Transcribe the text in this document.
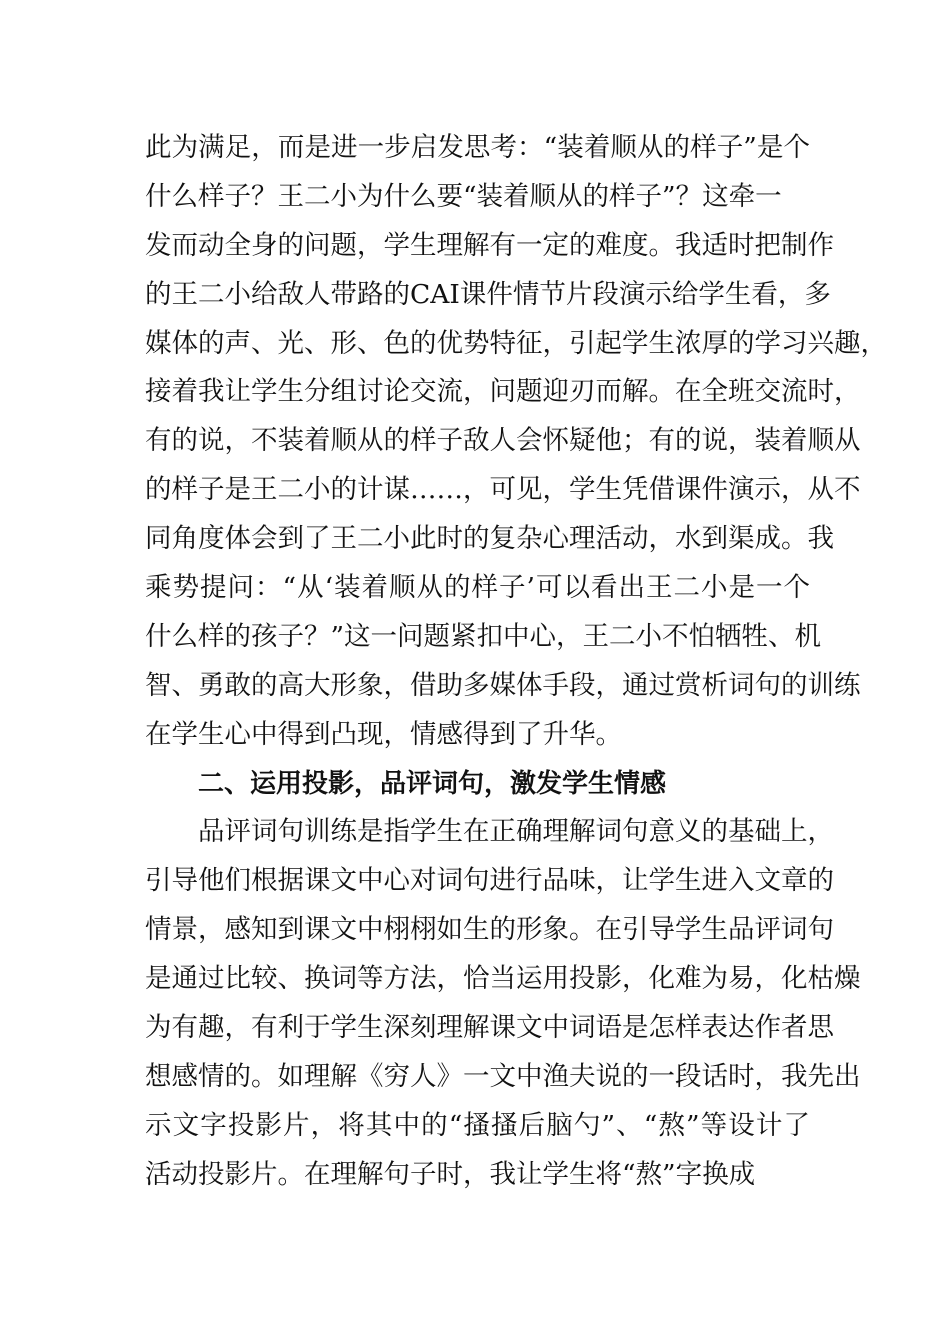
此为满足，而是进一步启发思考：“装着顺从的样子”是个
什么样子？王二小为什么要“装着顺从的样子”？这牵一
发而动全身的问题，学生理解有一定的难度。我适时把制作
的王二小给敌人带路的CAI课件情节片段演示给学生看，多
媒体的声、光、形、色的优势特征，引起学生浓厚的学习兴趣，
接着我让学生分组讨论交流，问题迎刃而解。在全班交流时，
有的说，不装着顺从的样子敌人会怀疑他；有的说，装着顺从
的样子是王二小的计谋……，可见，学生凭借课件演示，从不
同角度体会到了王二小此时的复杂心理活动，水到渠成。我
乘势提问：“从‘装着顺从的样子’可以看出王二小是一个
什么样的孩子？”这一问题紧扣中心，王二小不怕牺牲、机
智、勇敢的高大形象，借助多媒体手段，通过赏析词句的训练
在学生心中得到凸现，情感得到了升华。
二、运用投影，品评词句，激发学生情感
品评词句训练是指学生在正确理解词句意义的基础上，
引导他们根据课文中心对词句进行品味，让学生进入文章的
情景，感知到课文中栩栩如生的形象。在引导学生品评词句
是通过比较、换词等方法，恰当运用投影，化难为易，化枯燥
为有趣，有利于学生深刻理解课文中词语是怎样表达作者思
想感情的。如理解《穷人》一文中渔夫说的一段话时，我先出
示文字投影片，将其中的“搔搔后脑勺”、“熬”等设计了
活动投影片。在理解句子时，我让学生将“熬”字换成
